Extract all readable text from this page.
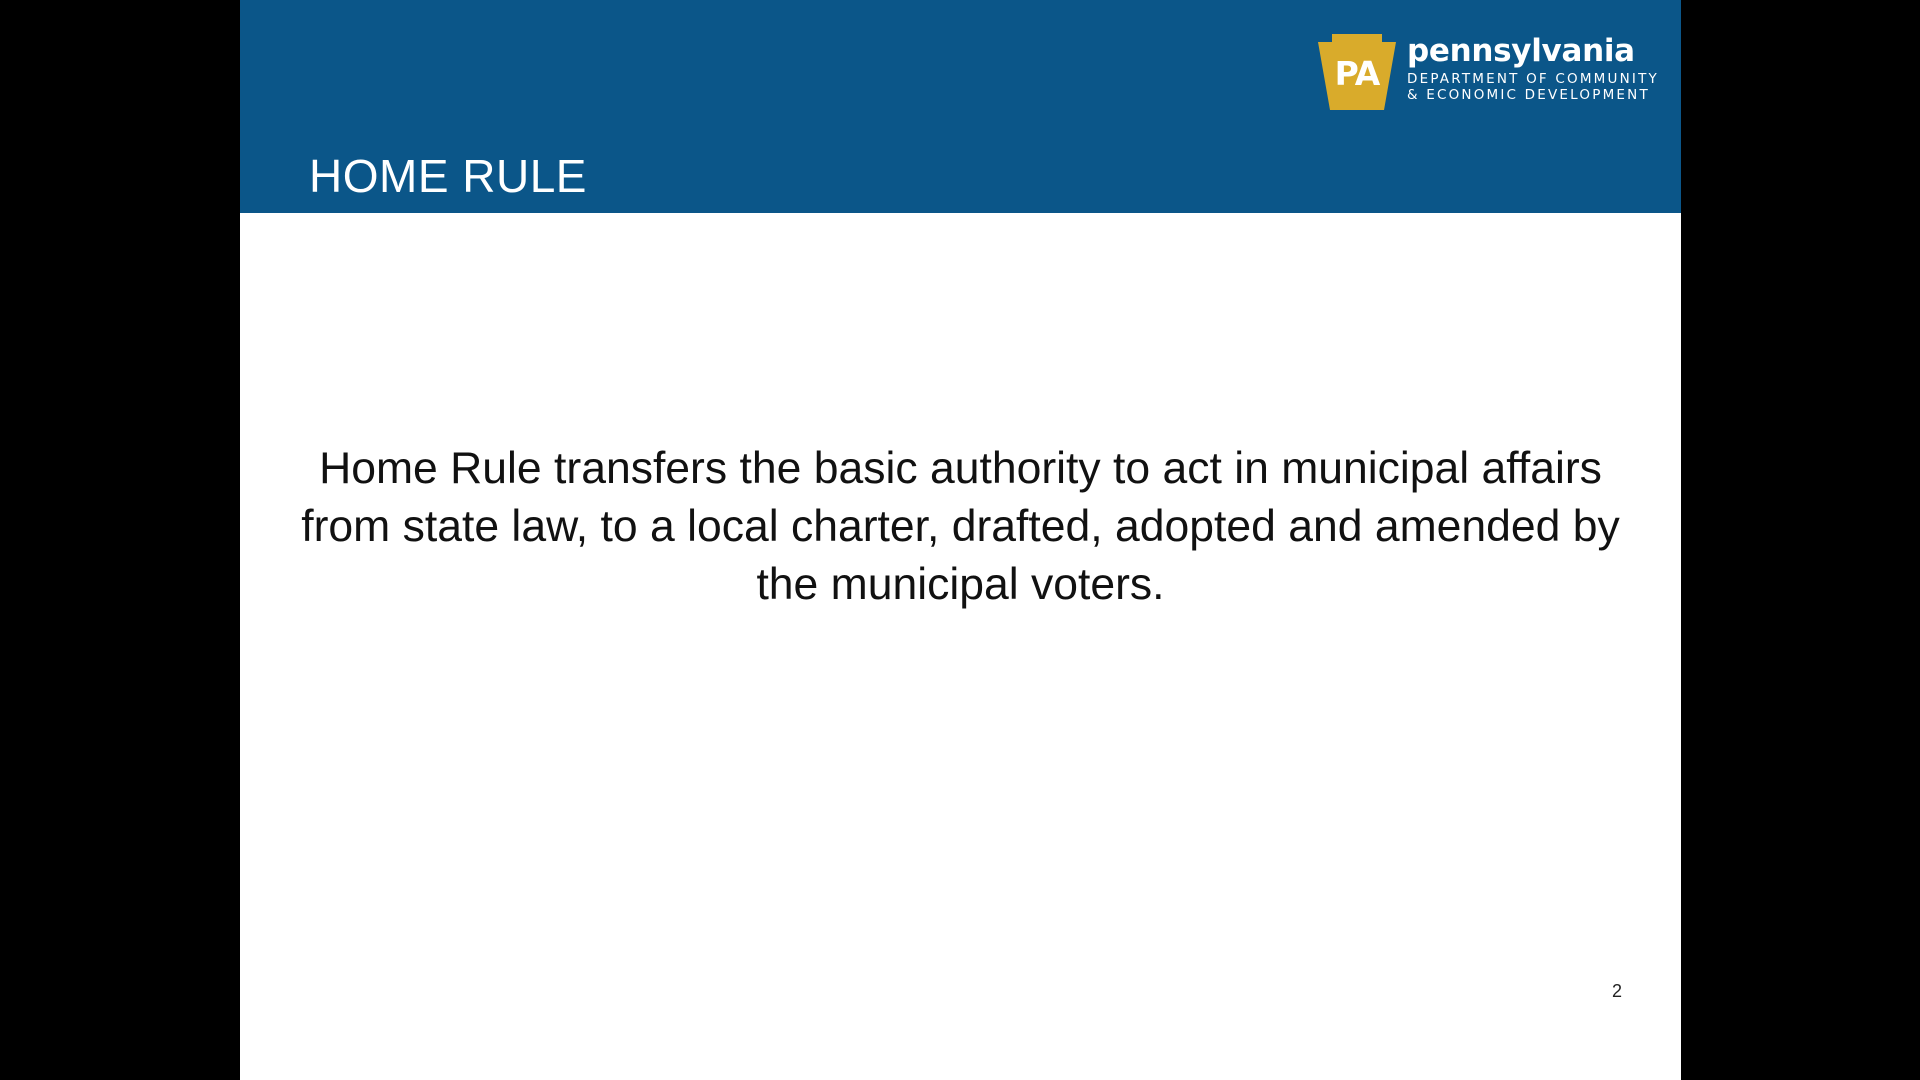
HOME RULE
PA
pennsylvania
DEPARTMENT OF COMMUNITY
& ECONOMIC DEVELOPMENT

Home Rule transfers the basic authority to act in municipal affairs from state law, to a local charter, drafted, adopted and amended by the municipal voters.

2
